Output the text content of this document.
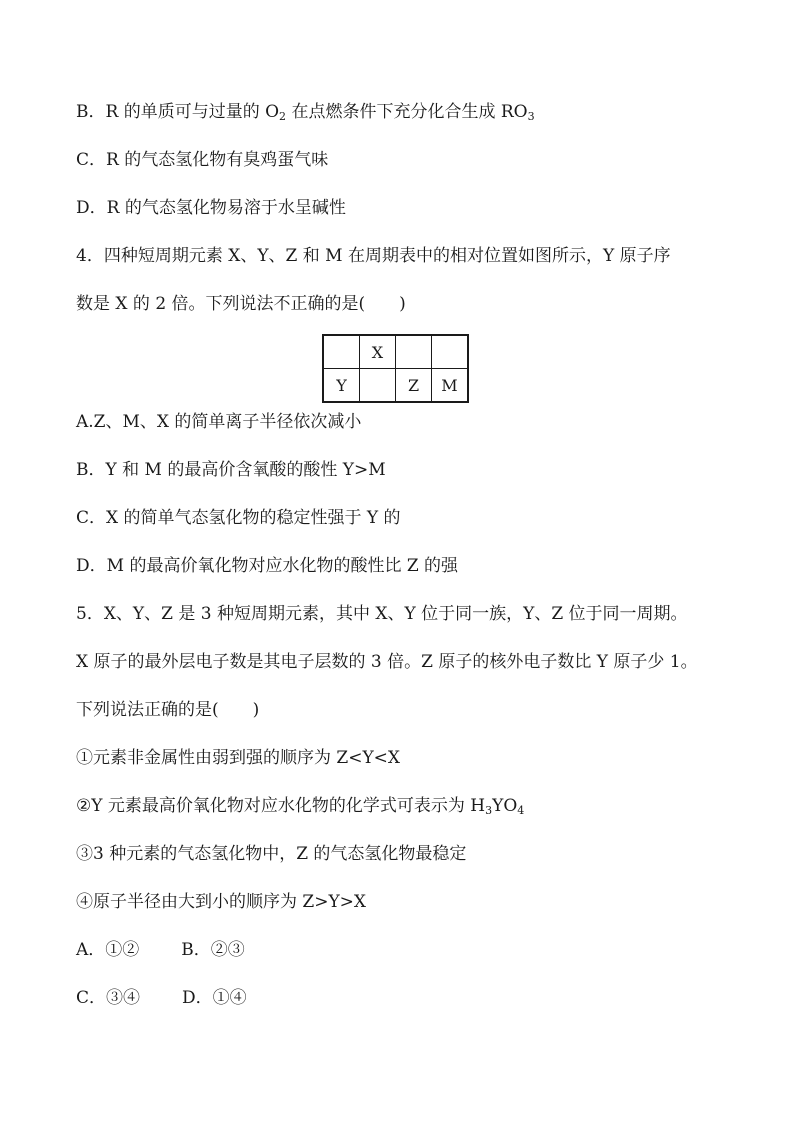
B．R 的单质可与过量的 $O_2$ 在点燃条件下充分化合生成 $RO_3$
C．R 的气态氢化物有臭鸡蛋气味
D．R 的气态氢化物易溶于水呈碱性
4．四种短周期元素 X、Y、Z 和 M 在周期表中的相对位置如图所示，Y 原子序
数是 X 的 2 倍。下列说法不正确的是(　　)
	X		
Y		Z	M
A.Z、M、X 的简单离子半径依次减小
B．Y 和 M 的最高价含氧酸的酸性 Y>M
C．X 的简单气态氢化物的稳定性强于 Y 的
D．M 的最高价氧化物对应水化物的酸性比 Z 的强
5．X、Y、Z 是 3 种短周期元素，其中 X、Y 位于同一族，Y、Z 位于同一周期。
X 原子的最外层电子数是其电子层数的 3 倍。Z 原子的核外电子数比 Y 原子少 1。
下列说法正确的是(　　)
①元素非金属性由弱到强的顺序为 Z<Y<X
②Y 元素最高价氧化物对应水化物的化学式可表示为 $H_3YO_4$
③3 种元素的气态氢化物中，Z 的气态氢化物最稳定
④原子半径由大到小的顺序为 Z>Y>X
A．①② B．②③
C．③④ D．①④
